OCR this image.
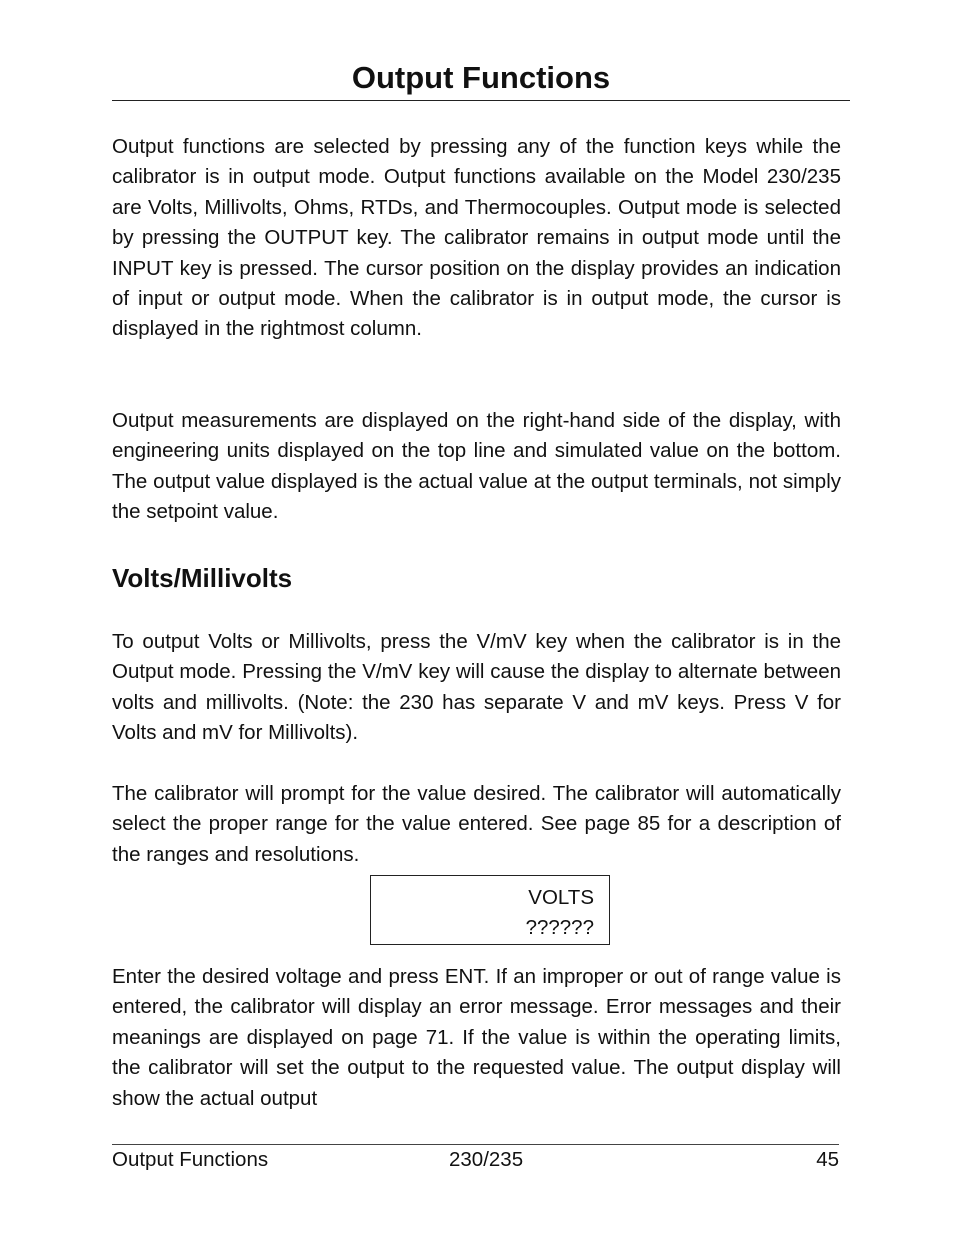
Output Functions

Output functions are selected by pressing any of the function keys while the calibrator is in output mode. Output functions available on the Model 230/235 are Volts, Millivolts, Ohms, RTDs, and Thermocouples. Output mode is selected by pressing the OUTPUT key. The calibrator remains in output mode until the INPUT key is pressed. The cursor position on the display provides an indication of input or output mode. When the calibrator is in output mode, the cursor is displayed in the rightmost column.

Output measurements are displayed on the right-hand side of the display, with engineering units displayed on the top line and simulated value on the bottom. The output value displayed is the actual value at the output terminals, not simply the setpoint value.

Volts/Millivolts

To output Volts or Millivolts, press the V/mV key when the calibrator is in the Output mode. Pressing the V/mV key will cause the display to alternate between volts and millivolts. (Note: the 230 has separate V and mV keys. Press V for Volts and mV for Millivolts).

The calibrator will prompt for the value desired. The calibrator will automatically select the proper range for the value entered. See page 85 for a description of the ranges and resolutions.

VOLTS
??????

Enter the desired voltage and press ENT. If an improper or out of range value is entered, the calibrator will display an error message. Error messages and their meanings are displayed on page 71. If the value is within the operating limits, the calibrator will set the output to the requested value. The output display will show the actual output

Output Functions	230/235	45
